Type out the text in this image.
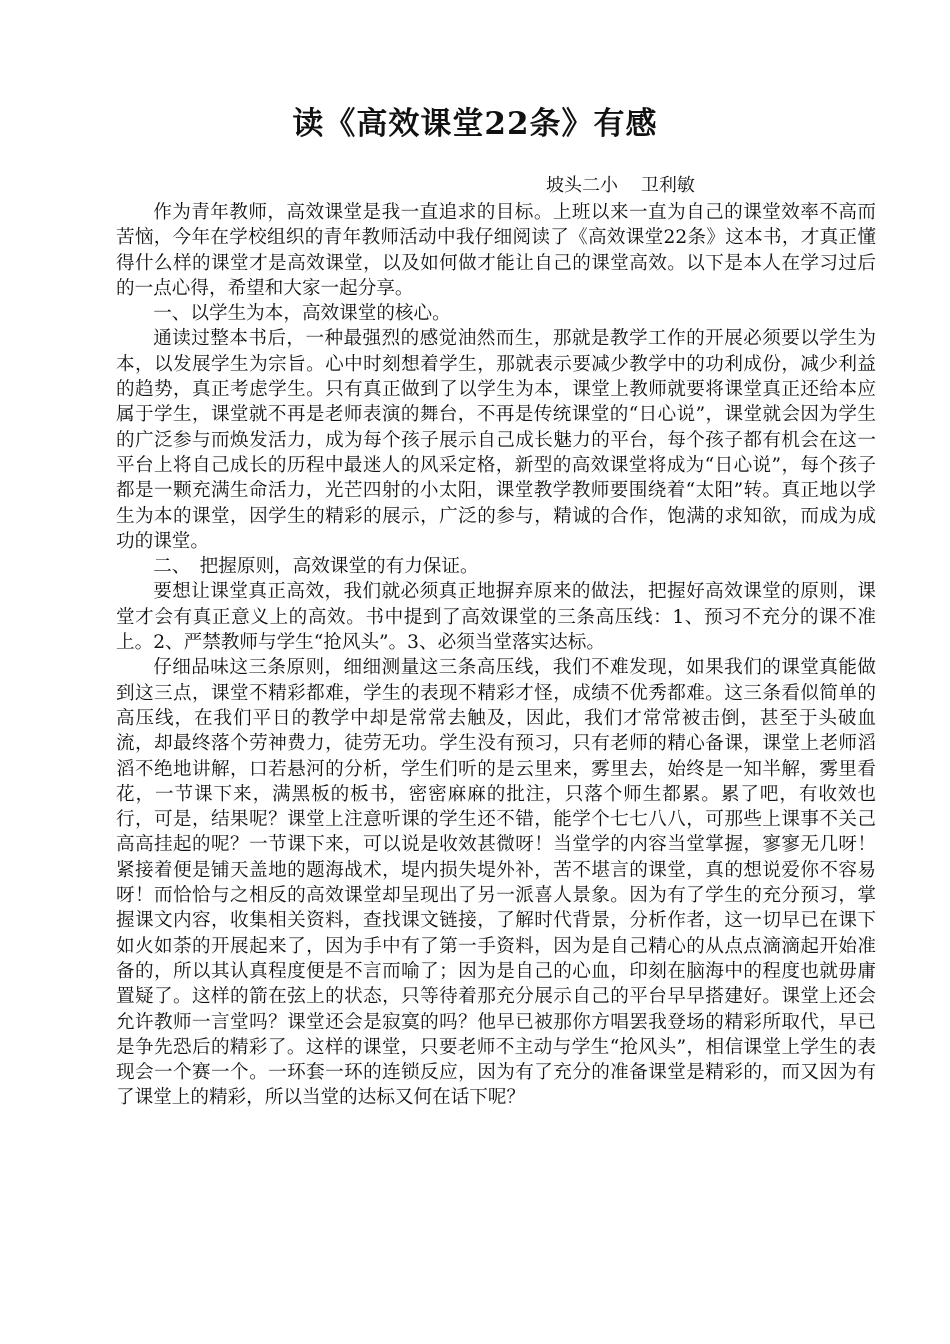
读《高效课堂22条》有感
坡头二小    卫利敏

作为青年教师，高效课堂是我一直追求的目标。上班以来一直为自己的课堂效率不高而苦恼，今年在学校组织的青年教师活动中我仔细阅读了《高效课堂22条》这本书，才真正懂得什么样的课堂才是高效课堂，以及如何做才能让自己的课堂高效。以下是本人在学习过后的一点心得，希望和大家一起分享。

一、以学生为本，高效课堂的核心。

通读过整本书后，一种最强烈的感觉油然而生，那就是教学工作的开展必须要以学生为本，以发展学生为宗旨。心中时刻想着学生，那就表示要减少教学中的功利成份，减少利益的趋势，真正考虑学生。只有真正做到了以学生为本，课堂上教师就要将课堂真正还给本应属于学生，课堂就不再是老师表演的舞台，不再是传统课堂的“日心说”，课堂就会因为学生的广泛参与而焕发活力，成为每个孩子展示自己成长魅力的平台，每个孩子都有机会在这一平台上将自己成长的历程中最迷人的风采定格，新型的高效课堂将成为“日心说”，每个孩子都是一颗充满生命活力，光芒四射的小太阳，课堂教学教师要围绕着“太阳”转。真正地以学生为本的课堂，因学生的精彩的展示，广泛的参与，精诚的合作，饱满的求知欲，而成为成功的课堂。

二、　把握原则，高效课堂的有力保证。

要想让课堂真正高效，我们就必须真正地摒弃原来的做法，把握好高效课堂的原则，课堂才会有真正意义上的高效。书中提到了高效课堂的三条高压线：1、预习不充分的课不准上。2、严禁教师与学生“抢风头”。3、必须当堂落实达标。

仔细品味这三条原则，细细测量这三条高压线，我们不难发现，如果我们的课堂真能做到这三点，课堂不精彩都难，学生的表现不精彩才怪，成绩不优秀都难。这三条看似简单的高压线，在我们平日的教学中却是常常去触及，因此，我们才常常被击倒，甚至于头破血流，却最终落个劳神费力，徒劳无功。学生没有预习，只有老师的精心备课，课堂上老师滔滔不绝地讲解，口若悬河的分析，学生们听的是云里来，雾里去，始终是一知半解，雾里看花，一节课下来，满黑板的板书，密密麻麻的批注，只落个师生都累。累了吧，有收效也行，可是，结果呢？课堂上注意听课的学生还不错，能学个七七八八，可那些上课事不关己高高挂起的呢？一节课下来，可以说是收效甚微呀！当堂学的内容当堂掌握，寥寥无几呀！紧接着便是铺天盖地的题海战术，堤内损失堤外补，苦不堪言的课堂，真的想说爱你不容易呀！而恰恰与之相反的高效课堂却呈现出了另一派喜人景象。因为有了学生的充分预习，掌握课文内容，收集相关资料，查找课文链接，了解时代背景，分析作者，这一切早已在课下如火如荼的开展起来了，因为手中有了第一手资料，因为是自己精心的从点点滴滴起开始准备的，所以其认真程度便是不言而喻了；因为是自己的心血，印刻在脑海中的程度也就毋庸置疑了。这样的箭在弦上的状态，只等待着那充分展示自己的平台早早搭建好。课堂上还会允许教师一言堂吗？课堂还会是寂寞的吗？他早已被那你方唱罢我登场的精彩所取代，早已是争先恐后的精彩了。这样的课堂，只要老师不主动与学生“抢风头”，相信课堂上学生的表现会一个赛一个。一环套一环的连锁反应，因为有了充分的准备课堂是精彩的，而又因为有了课堂上的精彩，所以当堂的达标又何在话下呢？
